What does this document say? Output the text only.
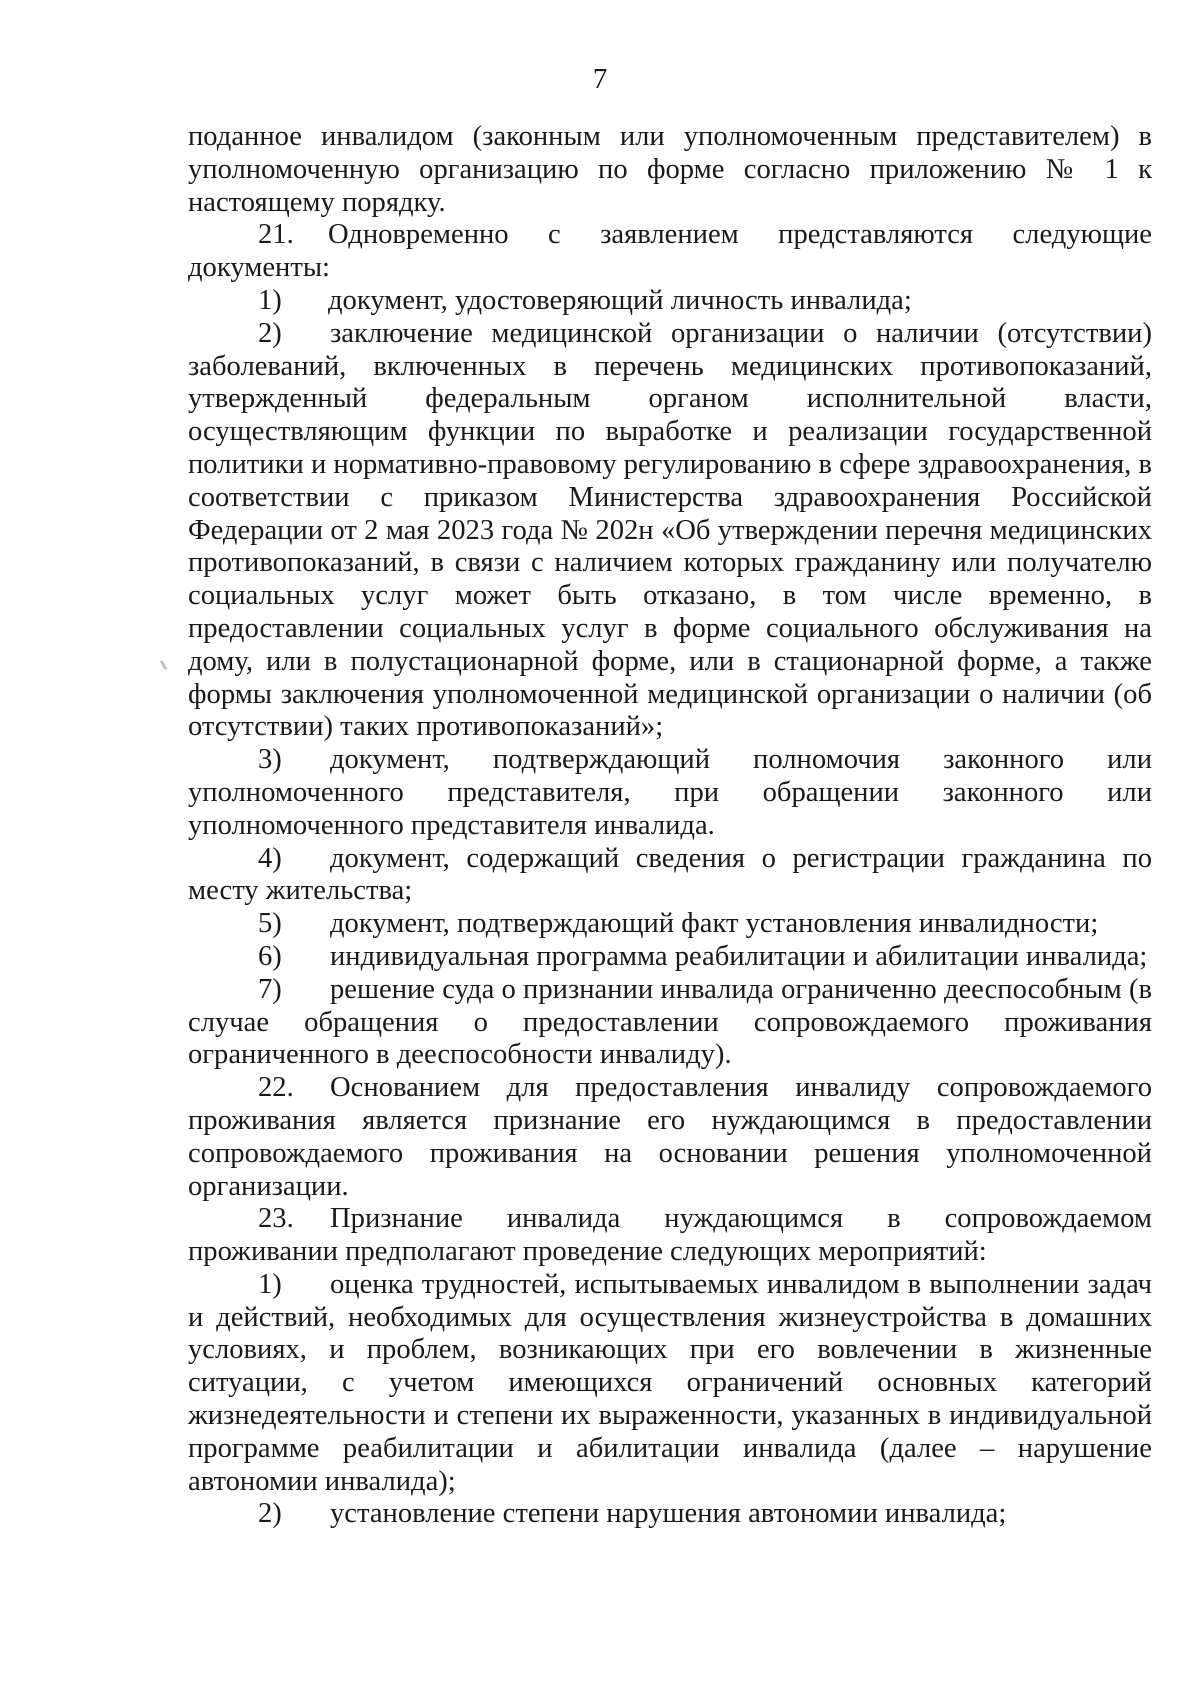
7

поданное инвалидом (законным или уполномоченным представителем) в уполномоченную организацию по форме согласно приложению № 1 к настоящему порядку.

21. Одновременно с заявлением представляются следующие документы:

1) документ, удостоверяющий личность инвалида;

2) заключение медицинской организации о наличии (отсутствии) заболеваний, включенных в перечень медицинских противопоказаний, утвержденный федеральным органом исполнительной власти, осуществляющим функции по выработке и реализации государственной политики и нормативно-правовому регулированию в сфере здравоохранения, в соответствии с приказом Министерства здравоохранения Российской Федерации от 2 мая 2023 года № 202н «Об утверждении перечня медицинских противопоказаний, в связи с наличием которых гражданину или получателю социальных услуг может быть отказано, в том числе временно, в предоставлении социальных услуг в форме социального обслуживания на дому, или в полустационарной форме, или в стационарной форме, а также формы заключения уполномоченной медицинской организации о наличии (об отсутствии) таких противопоказаний»;

3) документ, подтверждающий полномочия законного или уполномоченного представителя, при обращении законного или уполномоченного представителя инвалида.

4) документ, содержащий сведения о регистрации гражданина по месту жительства;

5) документ, подтверждающий факт установления инвалидности;

6) индивидуальная программа реабилитации и абилитации инвалида;

7) решение суда о признании инвалида ограниченно дееспособным (в случае обращения о предоставлении сопровождаемого проживания ограниченного в дееспособности инвалиду).

22. Основанием для предоставления инвалиду сопровождаемого проживания является признание его нуждающимся в предоставлении сопровождаемого проживания на основании решения уполномоченной организации.

23. Признание инвалида нуждающимся в сопровождаемом проживании предполагают проведение следующих мероприятий:

1) оценка трудностей, испытываемых инвалидом в выполнении задач и действий, необходимых для осуществления жизнеустройства в домашних условиях, и проблем, возникающих при его вовлечении в жизненные ситуации, с учетом имеющихся ограничений основных категорий жизнедеятельности и степени их выраженности, указанных в индивидуальной программе реабилитации и абилитации инвалида (далее – нарушение автономии инвалида);

2) установление степени нарушения автономии инвалида;
